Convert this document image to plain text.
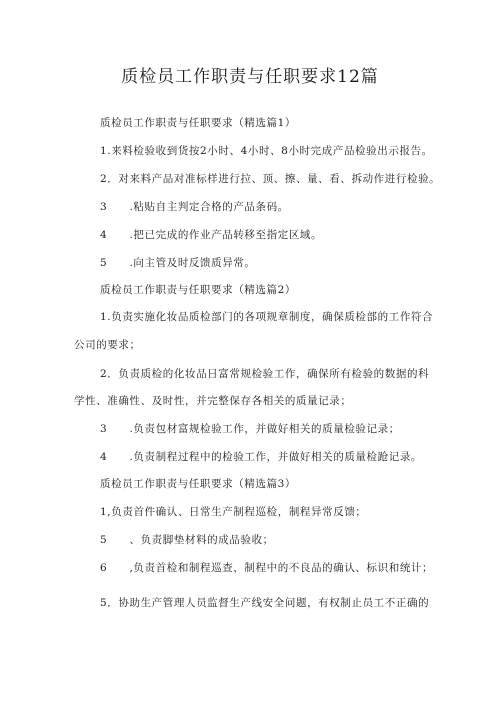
质检员工作职责与任职要求12篇
质检员工作职责与任职要求（精选篇1）
1.来料检验收到货按2小时、4小时、8小时完成产品检验出示报告。
2．对来料产品对准标样进行拉、顶、擦、量、看、拆动作进行检验。
3　　.粘贴自主判定合格的产品条码。
4　　.把已完成的作业产品转移至指定区域。
5　　.向主管及时反馈质异常。
质检员工作职责与任职要求（精选篇2）
1.负责实施化妆品质检部门的各项规章制度，确保质检部的工作符合
公司的要求；
2．负责质检的化妆品日富常规检验工作，确保所有检验的数据的科
学性、准确性、及时性，并完整保存各相关的质量记录；
3　　.负责包材富规检验工作，并做好相关的质量检验记录；
4　　.负责制程过程中的检验工作，并做好相关的质量检跄记录。
质检员工作职责与任职要求（精选篇3）
1,负责首件确认、日常生产制程巡检，制程异常反馈；
5　　、负责脚垫材料的成品验收；
6　　,负责首检和制程巡查，制程中的不良品的确认、标识和统计；
5．协助生产管理人员监督生产线安全问题，有权制止员工不正确的
